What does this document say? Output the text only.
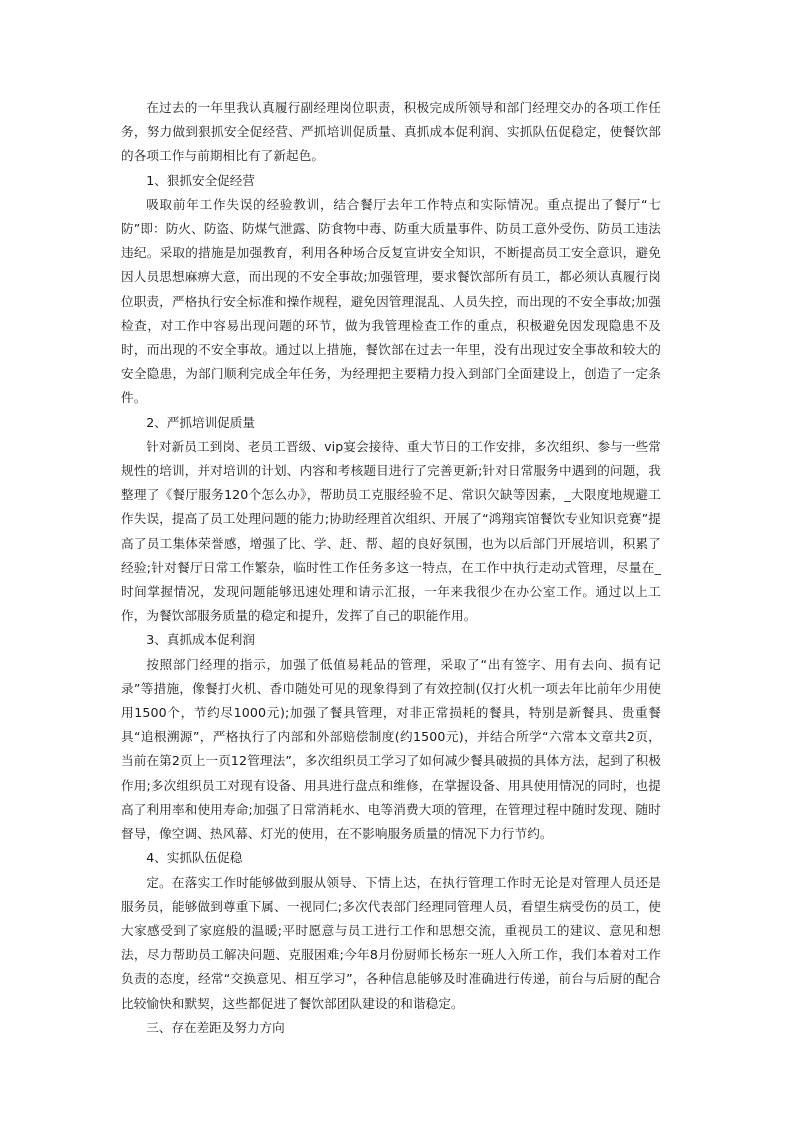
在过去的一年里我认真履行副经理岗位职责，积极完成所领导和部门经理交办的各项工作任务，努力做到狠抓安全促经营、严抓培训促质量、真抓成本促利润、实抓队伍促稳定，使餐饮部的各项工作与前期相比有了新起色。

1、狠抓安全促经营

吸取前年工作失误的经验教训，结合餐厅去年工作特点和实际情况。重点提出了餐厅“七防”即：防火、防盗、防煤气泄露、防食物中毒、防重大质量事件、防员工意外受伤、防员工违法违纪。采取的措施是加强教育，利用各种场合反复宣讲安全知识，不断提高员工安全意识，避免因人员思想麻痹大意，而出现的不安全事故;加强管理，要求餐饮部所有员工，都必须认真履行岗位职责，严格执行安全标准和操作规程，避免因管理混乱、人员失控，而出现的不安全事故;加强检查，对工作中容易出现问题的环节，做为我管理检查工作的重点，积极避免因发现隐患不及时，而出现的不安全事故。通过以上措施，餐饮部在过去一年里，没有出现过安全事故和较大的安全隐患，为部门顺利完成全年任务，为经理把主要精力投入到部门全面建设上，创造了一定条件。

2、严抓培训促质量

针对新员工到岗、老员工晋级、vip宴会接待、重大节日的工作安排，多次组织、参与一些常规性的培训，并对培训的计划、内容和考核题目进行了完善更新;针对日常服务中遇到的问题，我整理了《餐厅服务120个怎么办》，帮助员工克服经验不足、常识欠缺等因素，_大限度地规避工作失误，提高了员工处理问题的能力;协助经理首次组织、开展了“鸿翔宾馆餐饮专业知识竞赛”提高了员工集体荣誉感，增强了比、学、赶、帮、超的良好氛围，也为以后部门开展培训，积累了经验;针对餐厅日常工作繁杂，临时性工作任务多这一特点，在工作中执行走动式管理，尽量在_时间掌握情况，发现问题能够迅速处理和请示汇报，一年来我很少在办公室工作。通过以上工作，为餐饮部服务质量的稳定和提升，发挥了自己的职能作用。

3、真抓成本促利润

按照部门经理的指示，加强了低值易耗品的管理，采取了“出有签字、用有去向、损有记录”等措施，像餐打火机、香巾随处可见的现象得到了有效控制(仅打火机一项去年比前年少用使用1500个，节约尽1000元);加强了餐具管理，对非正常损耗的餐具，特别是新餐具、贵重餐具“追根溯源”，严格执行了内部和外部赔偿制度(约1500元)，并结合所学“六常本文章共2页，当前在第2页上一页12管理法”，多次组织员工学习了如何减少餐具破损的具体方法，起到了积极作用;多次组织员工对现有设备、用具进行盘点和维修，在掌握设备、用具使用情况的同时，也提高了利用率和使用寿命;加强了日常消耗水、电等消费大项的管理，在管理过程中随时发现、随时督导，像空调、热风幕、灯光的使用，在不影响服务质量的情况下力行节约。

4、实抓队伍促稳

定。在落实工作时能够做到服从领导、下情上达，在执行管理工作时无论是对管理人员还是服务员，能够做到尊重下属、一视同仁;多次代表部门经理同管理人员，看望生病受伤的员工，使大家感受到了家庭般的温暖;平时愿意与员工进行工作和思想交流，重视员工的建议、意见和想法，尽力帮助员工解决问题、克服困难;今年8月份厨师长杨东一班人入所工作，我们本着对工作负责的态度，经常“交换意见、相互学习”，各种信息能够及时准确进行传递，前台与后厨的配合比较愉快和默契，这些都促进了餐饮部团队建设的和谐稳定。

三、存在差距及努力方向
